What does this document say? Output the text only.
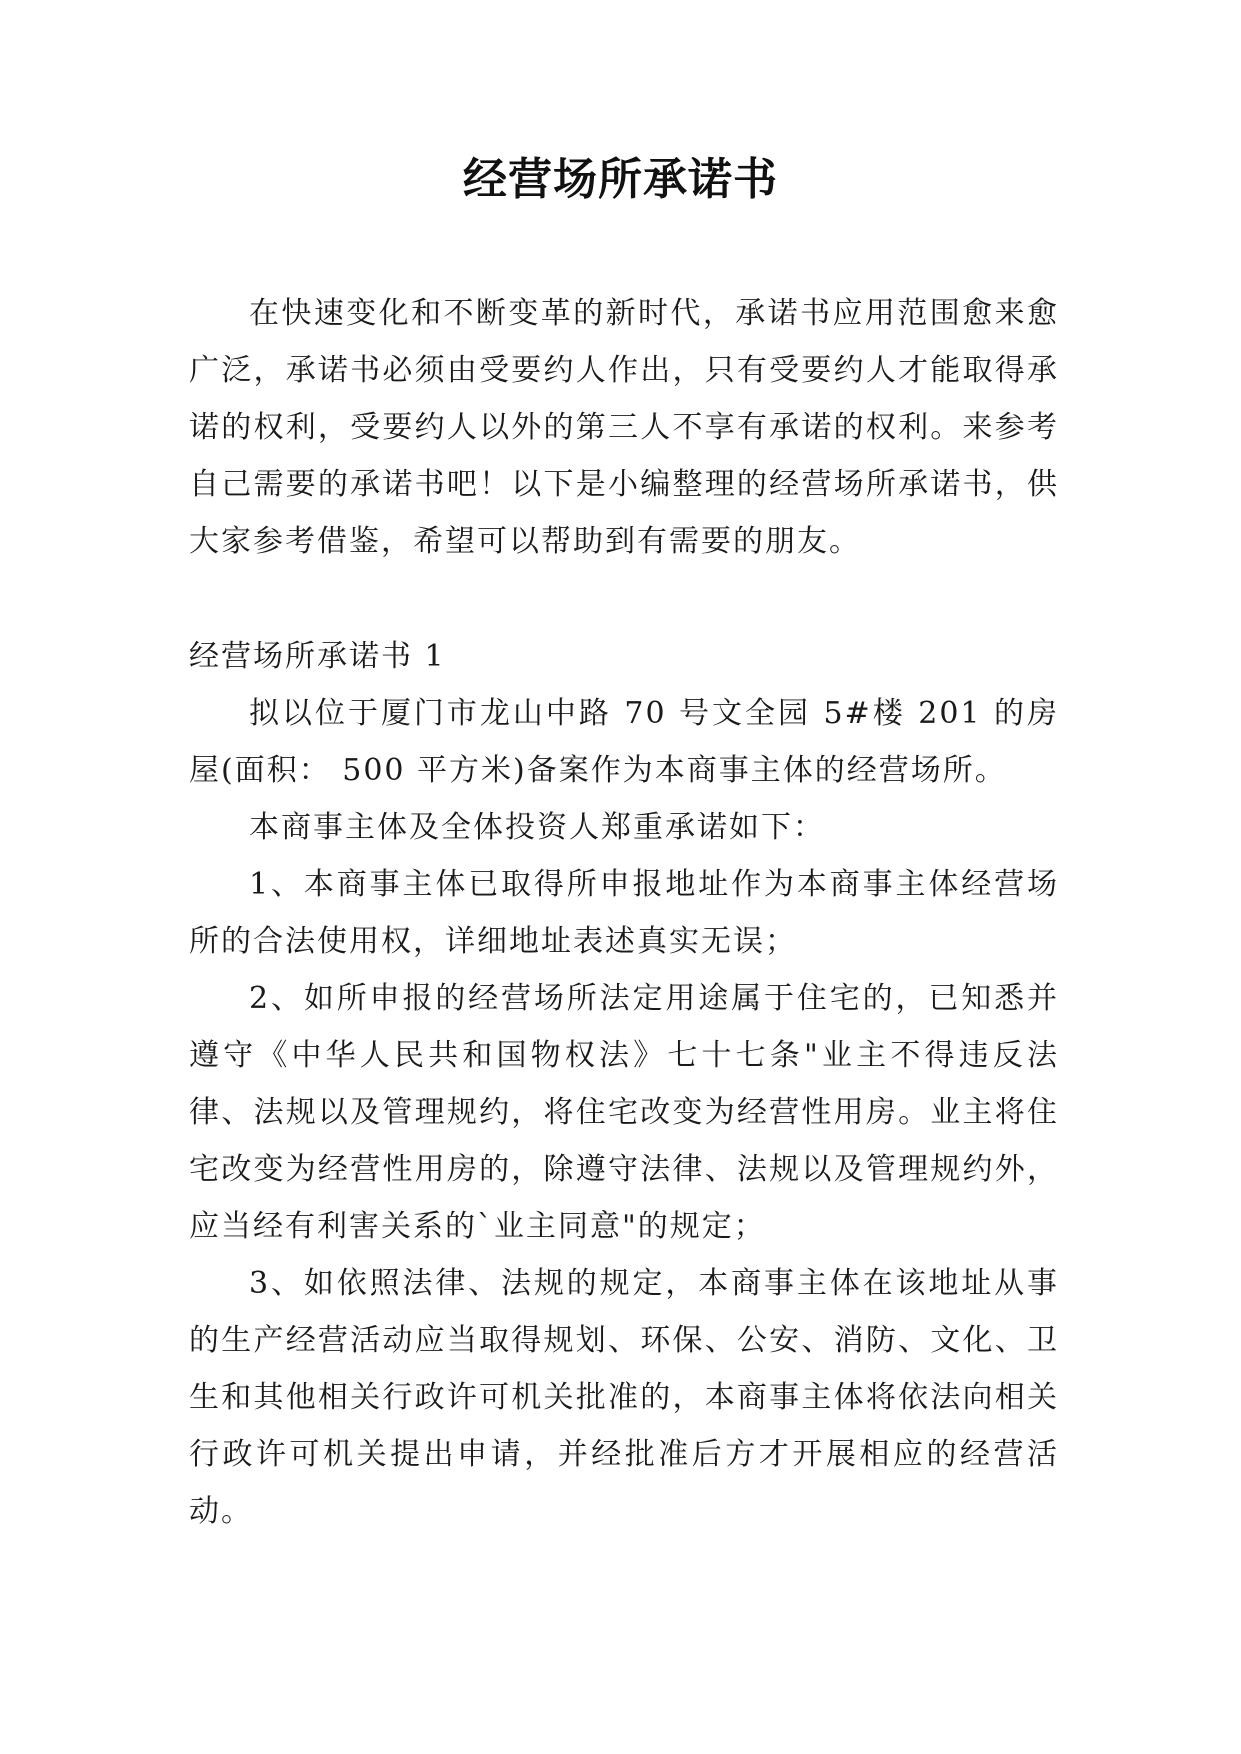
经营场所承诺书

在快速变化和不断变革的新时代，承诺书应用范围愈来愈广泛，承诺书必须由受要约人作出，只有受要约人才能取得承诺的权利，受要约人以外的第三人不享有承诺的权利。来参考自己需要的承诺书吧！以下是小编整理的经营场所承诺书，供大家参考借鉴，希望可以帮助到有需要的朋友。

经营场所承诺书 1

拟以位于厦门市龙山中路 70 号文全园 5#楼 201 的房屋(面积： 500 平方米)备案作为本商事主体的经营场所。

本商事主体及全体投资人郑重承诺如下：

1、本商事主体已取得所申报地址作为本商事主体经营场所的合法使用权，详细地址表述真实无误；

2、如所申报的经营场所法定用途属于住宅的，已知悉并遵守《中华人民共和国物权法》七十七条"业主不得违反法律、法规以及管理规约，将住宅改变为经营性用房。业主将住宅改变为经营性用房的，除遵守法律、法规以及管理规约外，应当经有利害关系的`业主同意"的规定；

3、如依照法律、法规的规定，本商事主体在该地址从事的生产经营活动应当取得规划、环保、公安、消防、文化、卫生和其他相关行政许可机关批准的，本商事主体将依法向相关行政许可机关提出申请，并经批准后方才开展相应的经营活动。
